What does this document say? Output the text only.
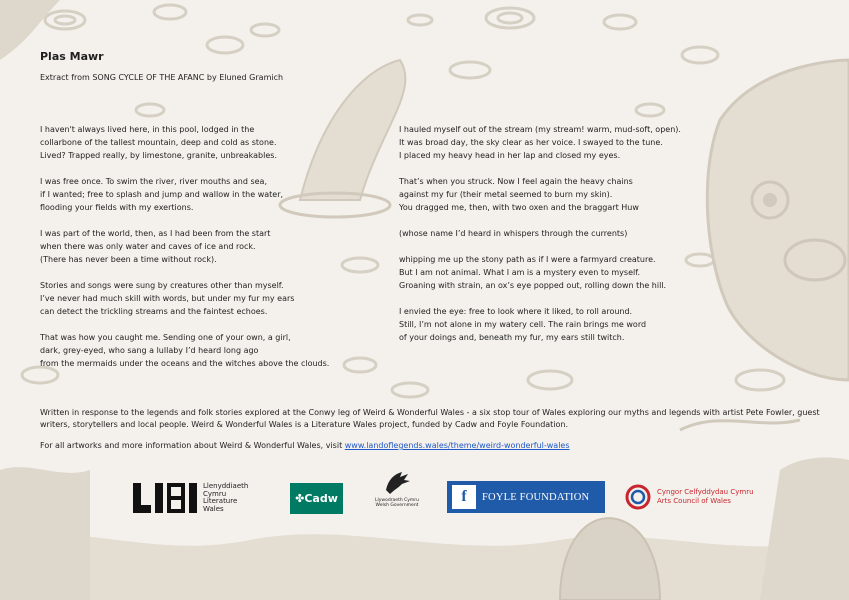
Plas Mawr
Extract from SONG CYCLE OF THE AFANC by Eluned Gramich
I haven't always lived here, in this pool, lodged in the
collarbone of the tallest mountain, deep and cold as stone.
Lived? Trapped really, by limestone, granite, unbreakables.
I was free once. To swim the river, river mouths and sea,
if I wanted; free to splash and jump and wallow in the water,
flooding your fields with my exertions.
I was part of the world, then, as I had been from the start
when there was only water and caves of ice and rock.
(There has never been a time without rock).
Stories and songs were sung by creatures other than myself.
I’ve never had much skill with words, but under my fur my ears
can detect the trickling streams and the faintest echoes.
That was how you caught me. Sending one of your own, a girl,
dark, grey-eyed, who sang a lullaby I’d heard long ago
from the mermaids under the oceans and the witches above the clouds.
I hauled myself out of the stream (my stream! warm, mud-soft, open).
It was broad day, the sky clear as her voice. I swayed to the tune.
I placed my heavy head in her lap and closed my eyes.
That’s when you struck. Now I feel again the heavy chains
against my fur (their metal seemed to burn my skin).
You dragged me, then, with two oxen and the braggart Huw
(whose name I’d heard in whispers through the currents)
whipping me up the stony path as if I were a farmyard creature.
But I am not animal. What I am is a mystery even to myself.
Groaning with strain, an ox’s eye popped out, rolling down the hill.
I envied the eye: free to look where it liked, to roll around.
Still, I’m not alone in my watery cell. The rain brings me word
of your doings and, beneath my fur, my ears still twitch.

Written in response to the legends and folk stories explored at the Conwy leg of Weird & Wonderful Wales - a six stop tour of Wales exploring our myths and legends with artist Pete Fowler, guest writers, storytellers and local people. Weird & Wonderful Wales is a Literature Wales project, funded by Cadw and Foyle Foundation.

For all artworks and more information about Weird & Wonderful Wales, visit www.landoflegends.wales/theme/weird-wonderful-wales

Llenyddiaeth
Cymru
Literature
Wales
✤Cadw	Llywodraeth Cymru
Welsh Government
f	FOYLE FOUNDATION	Cyngor Celfyddydau Cymru
Arts Council of Wales
